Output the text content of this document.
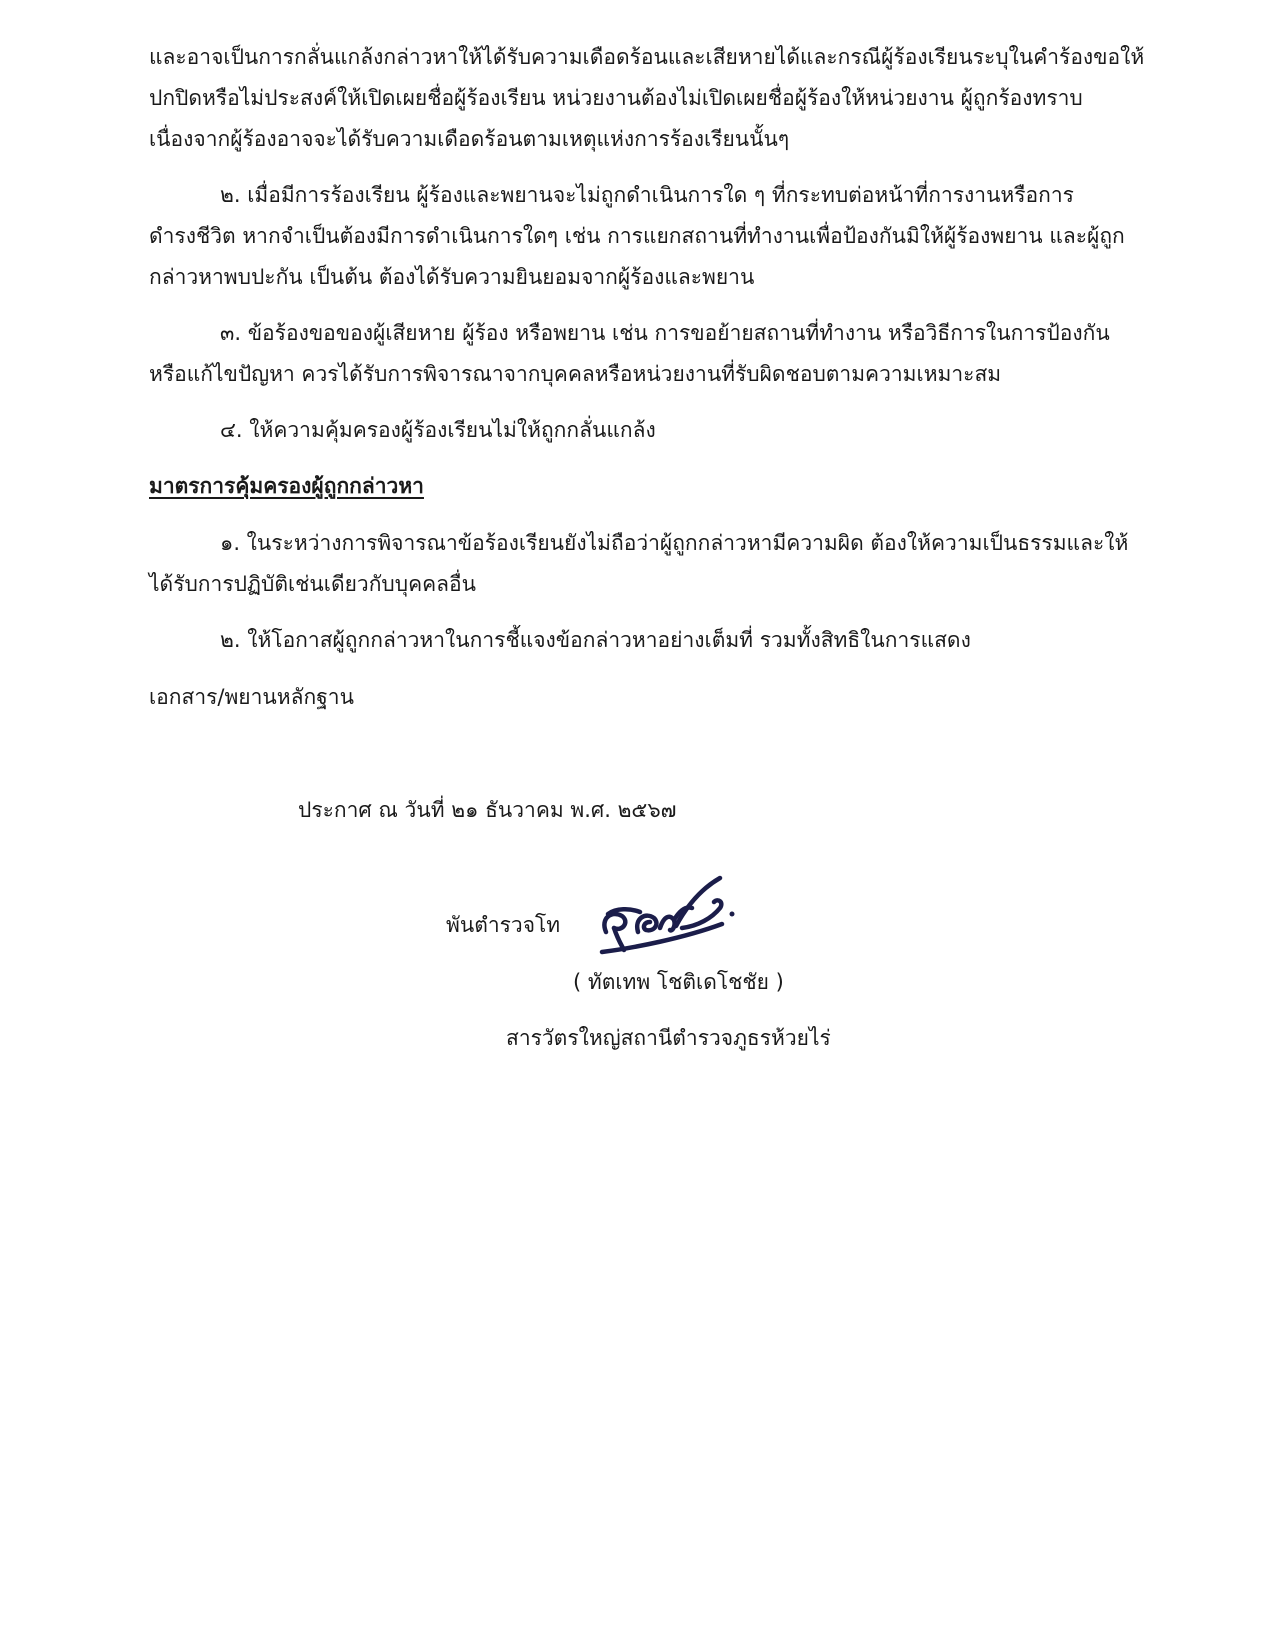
และอาจเป็นการกลั่นแกล้งกล่าวหาให้ได้รับความเดือดร้อนและเสียหายได้และกรณีผู้ร้องเรียนระบุในคำร้องขอให้
ปกปิดหรือไม่ประสงค์ให้เปิดเผยชื่อผู้ร้องเรียน หน่วยงานต้องไม่เปิดเผยชื่อผู้ร้องให้หน่วยงาน ผู้ถูกร้องทราบ
เนื่องจากผู้ร้องอาจจะได้รับความเดือดร้อนตามเหตุแห่งการร้องเรียนนั้นๆ
๒. เมื่อมีการร้องเรียน ผู้ร้องและพยานจะไม่ถูกดำเนินการใด ๆ ที่กระทบต่อหน้าที่การงานหรือการ
ดำรงชีวิต หากจำเป็นต้องมีการดำเนินการใดๆ เช่น การแยกสถานที่ทำงานเพื่อป้องกันมิให้ผู้ร้องพยาน และผู้ถูก
กล่าวหาพบปะกัน เป็นต้น ต้องได้รับความยินยอมจากผู้ร้องและพยาน
๓. ข้อร้องขอของผู้เสียหาย ผู้ร้อง หรือพยาน เช่น การขอย้ายสถานที่ทำงาน หรือวิธีการในการป้องกัน
หรือแก้ไขปัญหา ควรได้รับการพิจารณาจากบุคคลหรือหน่วยงานที่รับผิดชอบตามความเหมาะสม
๔. ให้ความคุ้มครองผู้ร้องเรียนไม่ให้ถูกกลั่นแกล้ง
มาตรการคุ้มครองผู้ถูกกล่าวหา
๑. ในระหว่างการพิจารณาข้อร้องเรียนยังไม่ถือว่าผู้ถูกกล่าวหามีความผิด ต้องให้ความเป็นธรรมและให้
ได้รับการปฏิบัติเช่นเดียวกับบุคคลอื่น
๒. ให้โอกาสผู้ถูกกล่าวหาในการชี้แจงข้อกล่าวหาอย่างเต็มที่ รวมทั้งสิทธิในการแสดง
เอกสาร/พยานหลักฐาน
ประกาศ ณ วันที่ ๒๑ ธันวาคม พ.ศ. ๒๕๖๗
พันตำรวจโท
( ทัตเทพ โชติเดโชชัย )
สารวัตรใหญ่สถานีตำรวจภูธรห้วยไร่
